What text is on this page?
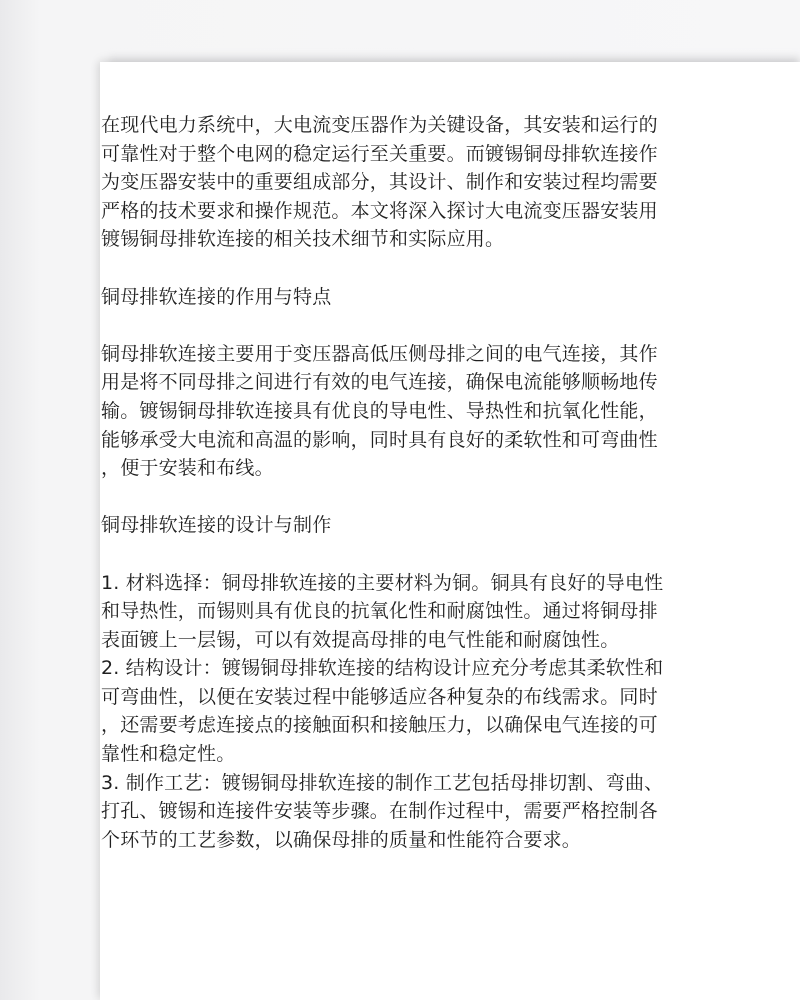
在现代电力系统中，大电流变压器作为关键设备，其安装和运行的
可靠性对于整个电网的稳定运行至关重要。而镀锡铜母排软连接作
为变压器安装中的重要组成部分，其设计、制作和安装过程均需要
严格的技术要求和操作规范。本文将深入探讨大电流变压器安装用
镀锡铜母排软连接的相关技术细节和实际应用。
铜母排软连接的作用与特点
铜母排软连接主要用于变压器高低压侧母排之间的电气连接，其作
用是将不同母排之间进行有效的电气连接，确保电流能够顺畅地传
输。镀锡铜母排软连接具有优良的导电性、导热性和抗氧化性能，
能够承受大电流和高温的影响，同时具有良好的柔软性和可弯曲性
，便于安装和布线。
铜母排软连接的设计与制作
1. 材料选择：铜母排软连接的主要材料为铜。铜具有良好的导电性
和导热性，而锡则具有优良的抗氧化性和耐腐蚀性。通过将铜母排
表面镀上一层锡，可以有效提高母排的电气性能和耐腐蚀性。
2. 结构设计：镀锡铜母排软连接的结构设计应充分考虑其柔软性和
可弯曲性，以便在安装过程中能够适应各种复杂的布线需求。同时
，还需要考虑连接点的接触面积和接触压力，以确保电气连接的可
靠性和稳定性。
3. 制作工艺：镀锡铜母排软连接的制作工艺包括母排切割、弯曲、
打孔、镀锡和连接件安装等步骤。在制作过程中，需要严格控制各
个环节的工艺参数，以确保母排的质量和性能符合要求。
